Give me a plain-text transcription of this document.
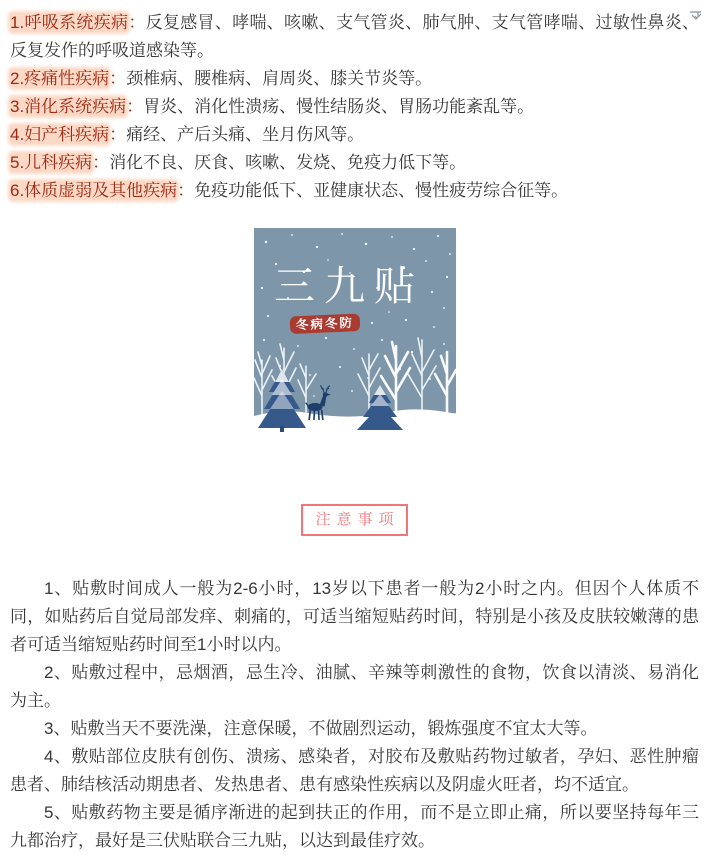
1.呼吸系统疾病：反复感冒、哮喘、咳嗽、支气管炎、肺气肿、支气管哮喘、过敏性鼻炎、反复发作的呼吸道感染等。

2.疼痛性疾病：颈椎病、腰椎病、肩周炎、膝关节炎等。

3.消化系统疾病：胃炎、消化性溃疡、慢性结肠炎、胃肠功能紊乱等。

4.妇产科疾病：痛经、产后头痛、坐月伤风等。

5.儿科疾病：消化不良、厌食、咳嗽、发烧、免疫力低下等。

6.体质虚弱及其他疾病：免疫功能低下、亚健康状态、慢性疲劳综合征等。

三九贴
冬病冬防
注意事项

1、贴敷时间成人一般为2-6小时，13岁以下患者一般为2小时之内。但因个人体质不同，如贴药后自觉局部发痒、刺痛的，可适当缩短贴药时间，特别是小孩及皮肤较嫩薄的患者可适当缩短贴药时间至1小时以内。

2、贴敷过程中，忌烟酒，忌生冷、油腻、辛辣等刺激性的食物，饮食以清淡、易消化为主。

3、贴敷当天不要洗澡，注意保暖，不做剧烈运动，锻炼强度不宜太大等。

4、敷贴部位皮肤有创伤、溃疡、感染者，对胶布及敷贴药物过敏者，孕妇、恶性肿瘤患者、肺结核活动期患者、发热患者、患有感染性疾病以及阴虚火旺者，均不适宜。

5、贴敷药物主要是循序渐进的起到扶正的作用，而不是立即止痛，所以要坚持每年三九都治疗，最好是三伏贴联合三九贴，以达到最佳疗效。
